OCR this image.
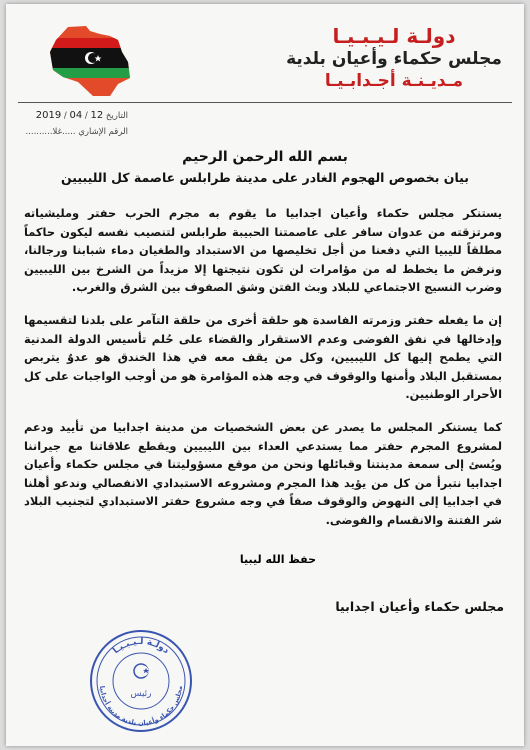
دولـة لـيـبـيـا
مجلس حكماء وأعيان بلدية
مـديـنـة أجـدابـيـا
التاريخ 12 / 04 / 2019
الرقم الإشاري .....غلا..........
بسم الله الرحمن الرحيم
بيان بخصوص الهجوم الغادر على مدينة طرابلس عاصمة كل الليبيين

يستنكر مجلس حكماء وأعيان اجدابيا ما يقوم به مجرم الحرب حفتر ومليشياته ومرتزقته من عدوان سافر على عاصمتنا الحبيبة طرابلس لتنصيب نفسه ليكون حاكماً مطلقاً لليبيا التي دفعنا من أجل تخليصها من الاستبداد والطغيان دماء شبابنا ورجالنا، ونرفض ما يخطط له من مؤامرات لن تكون نتيجتها إلا مزيداً من الشرخ بين الليبيين وضرب النسيج الاجتماعي للبلاد وبث الفتن وشق الصفوف بين الشرق والغرب.

إن ما يفعله حفتر وزمرته الفاسدة هو حلقة أخرى من حلقة التآمر على بلدنا لتقسيمها وإدخالها في نفق الفوضى وعدم الاستقرار والقضاء على حُلم تأسيس الدولة المدنية التي يطمح إليها كل الليبيين، وكل من يقف معه في هذا الخندق هو عدوٌ يتربص بمستقبل البلاد وأمنها والوقوف في وجه هذه المؤامرة هو من أوجب الواجبات على كل الأحرار الوطنيين.

كما يستنكر المجلس ما يصدر عن بعض الشخصيات من مدينة اجدابيا من تأييد ودعم لمشروع المجرم حفتر مما يستدعي العداء بين الليبيين ويقطع علاقاتنا مع جيراننا ويُسئ إلى سمعة مدينتنا وقبائلها ونحن من موقع مسؤوليتنا في مجلس حكماء وأعيان اجدابيا نتبرأ من كل من يؤيد هذا المجرم ومشروعه الاستبدادي الانفصالي وندعو أهلنا في اجدابيا إلى النهوض والوقوف صفاً في وجه مشروع حفتر الاستبدادي لتجنيب البلاد شر الفتنة والانقسام والفوضى.

حفظ الله ليبيا
مجلس حكماء وأعيان اجدابيا
دولـة لـيـبـيـا
مجلس حكماء وأعيان بلدية مدينة أجدابيا
رئيس
